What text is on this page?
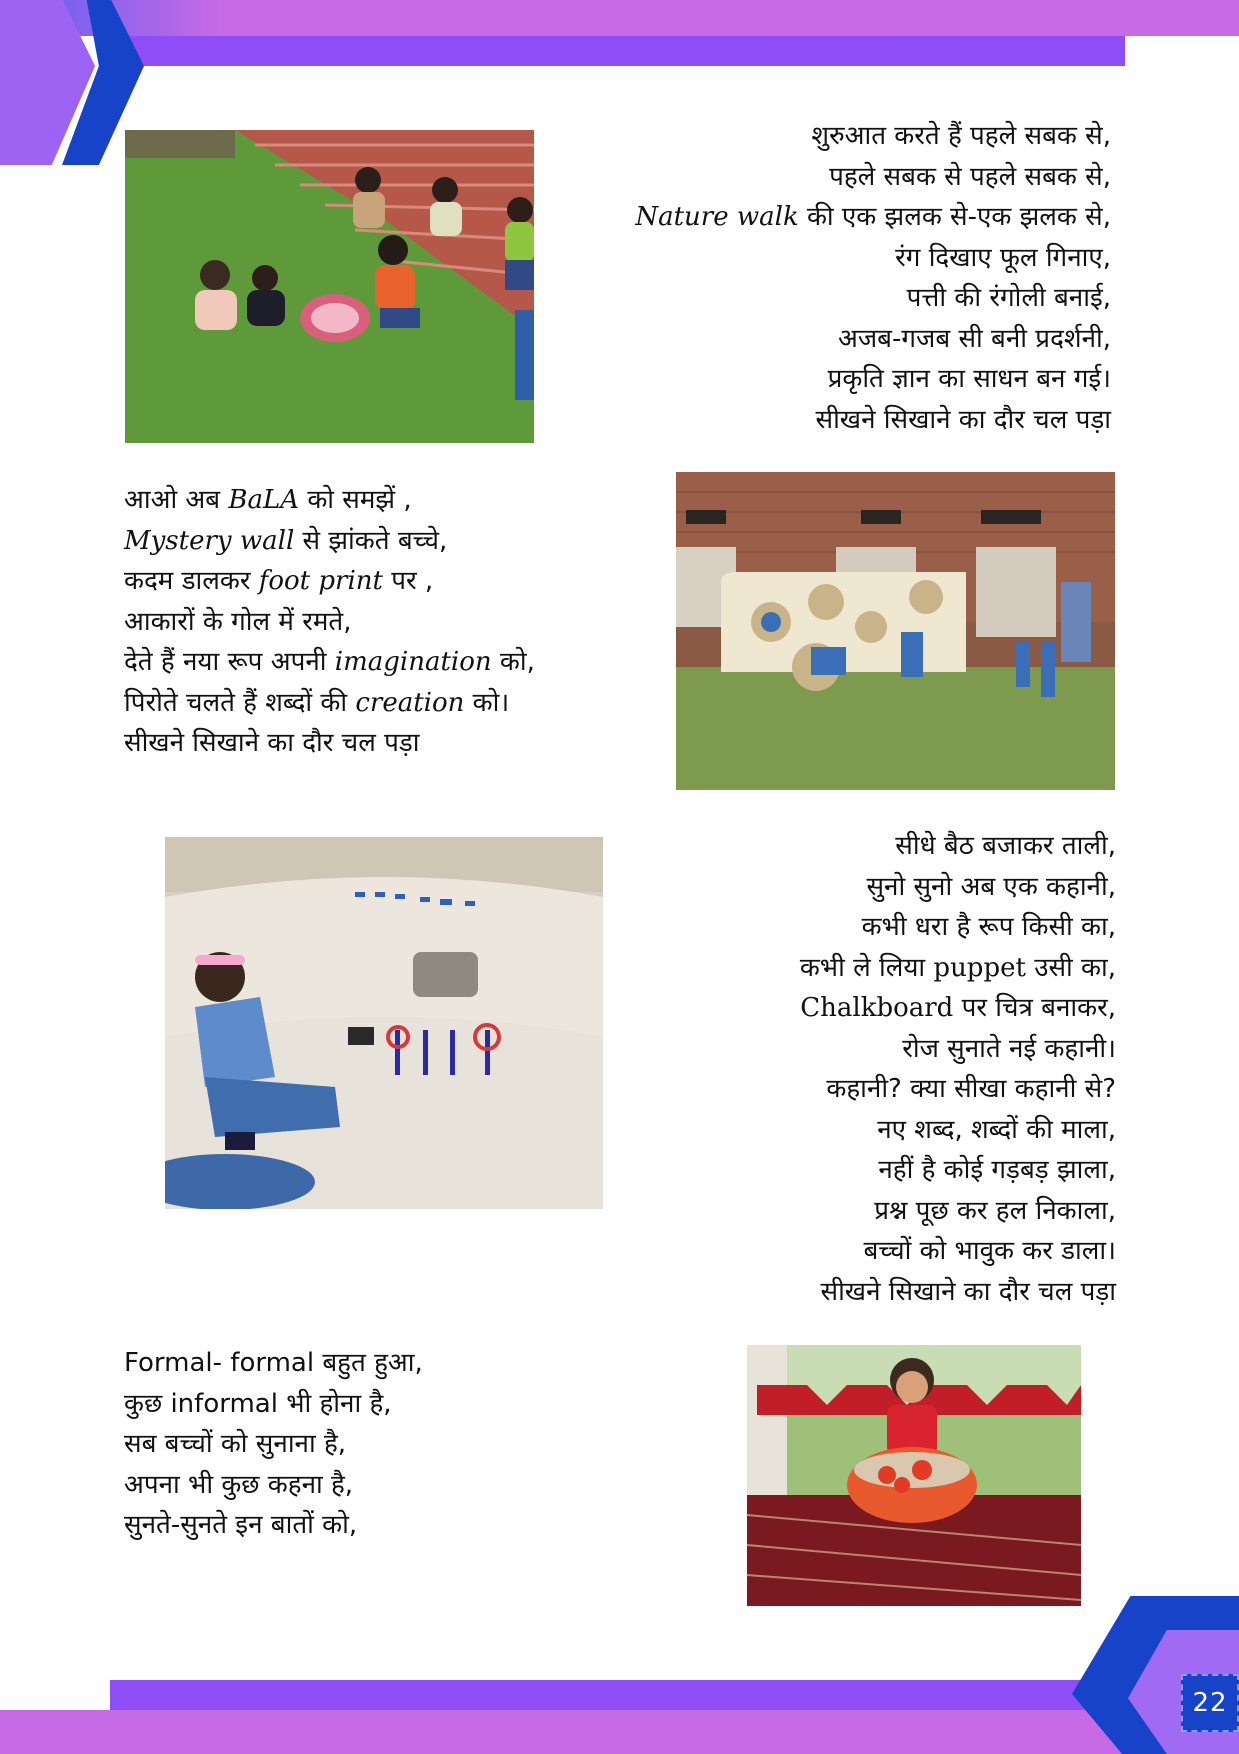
22
शुरुआत करते हैं पहले सबक से,
पहले सबक से पहले सबक से,
Nature walk की एक झलक से-एक झलक से,
रंग दिखाए फूल गिनाए,
पत्ती की रंगोली बनाई,
अजब-गजब सी बनी प्रदर्शनी,
प्रकृति ज्ञान का साधन बन गई।
सीखने सिखाने का दौर चल पड़ा
आओ अब BaLA को समझें ,
Mystery wall से झांकते बच्चे,
कदम डालकर foot print पर ,
आकारों के गोल में रमते,
देते हैं नया रूप अपनी imagination को,
पिरोते चलते हैं शब्दों की creation को।
सीखने सिखाने का दौर चल पड़ा
सीधे बैठ बजाकर ताली,
सुनो सुनो अब एक कहानी,
कभी धरा है रूप किसी का,
कभी ले लिया puppet उसी का,
Chalkboard पर चित्र बनाकर,
रोज सुनाते नई कहानी।
कहानी? क्या सीखा कहानी से?
नए शब्द, शब्दों की माला,
नहीं है कोई गड़बड़ झाला,
प्रश्न पूछ कर हल निकाला,
बच्चों को भावुक कर डाला।
सीखने सिखाने का दौर चल पड़ा
Formal- formal बहुत हुआ,
कुछ informal भी होना है,
सब बच्चों को सुनाना है,
अपना भी कुछ कहना है,
सुनते-सुनते इन बातों को,
